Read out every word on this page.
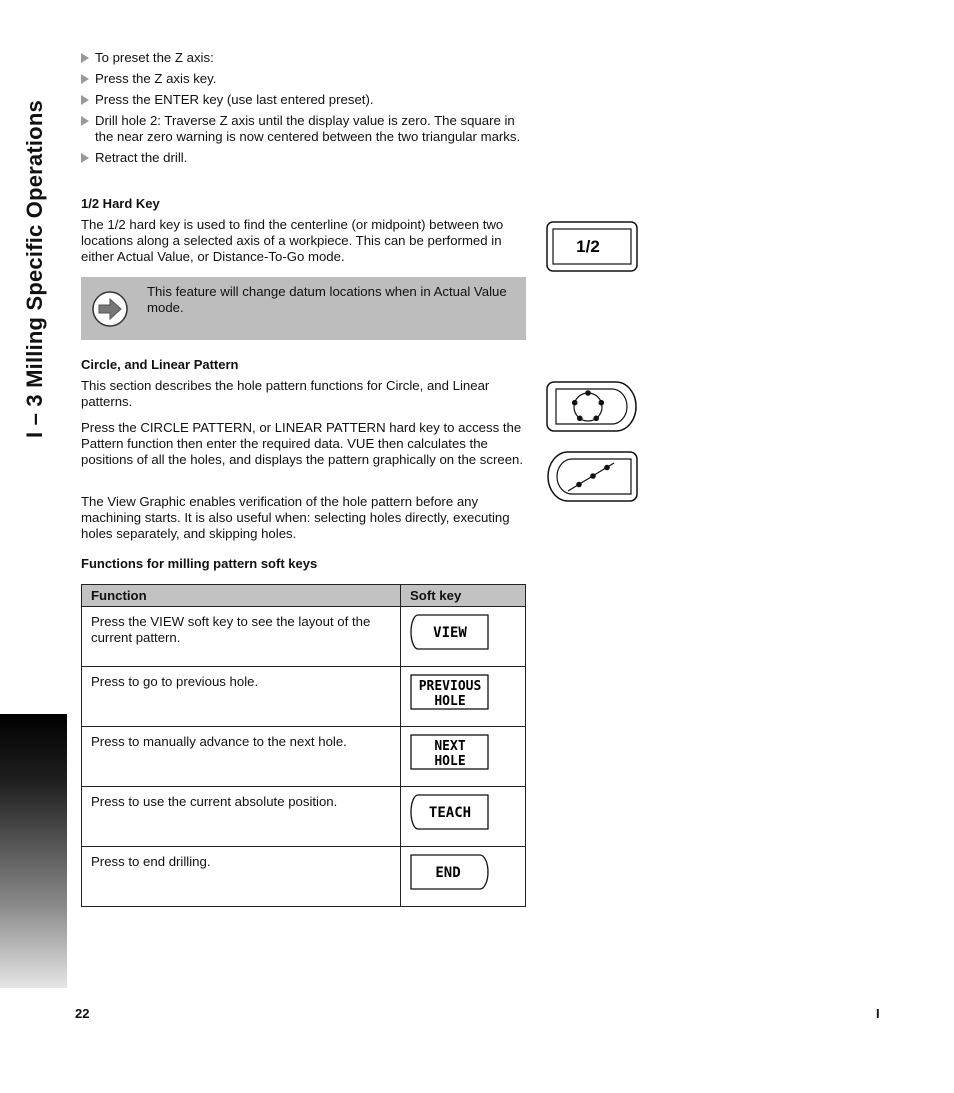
I – 3 Milling Specific Operations
To preset the Z axis:
Press the Z axis key.
Press the ENTER key (use last entered preset).
Drill hole 2: Traverse Z axis until the display value is zero. The square in the near zero warning is now centered between the two triangular marks.
Retract the drill.
1/2 Hard Key

The 1/2 hard key is used to find the centerline (or midpoint) between two locations along a selected axis of a workpiece. This can be performed in either Actual Value, or Distance-To-Go mode.

1/2
This feature will change datum locations when in Actual Value mode.
Circle, and Linear Pattern

This section describes the hole pattern functions for Circle, and Linear patterns.

Press the CIRCLE PATTERN, or LINEAR PATTERN hard key to access the Pattern function then enter the required data. VUE then calculates the positions of all the holes, and displays the pattern graphically on the screen.

The View Graphic enables verification of the hole pattern before any machining starts. It is also useful when: selecting holes directly, executing holes separately, and skipping holes.

Functions for milling pattern soft keys
Function	Soft key
Press the VIEW soft key to see the layout of the current pattern.	VIEW

Press to go to previous hole.	PREVIOUS
HOLE

Press to manually advance to the next hole.	NEXT
HOLE

Press to use the current absolute position.	TEACH

Press to end drilling.	END
22	I
